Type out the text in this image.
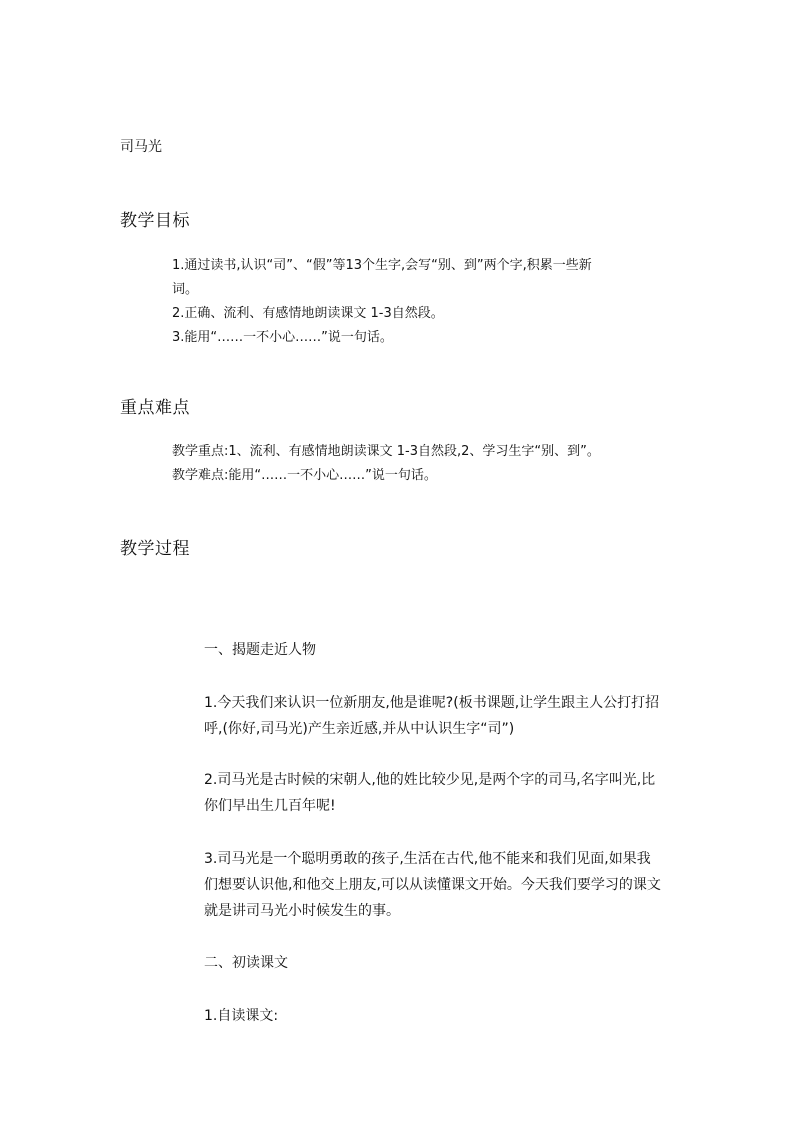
司马光
教学目标

1.通过读书,认识“司”、“假”等13个生字,会写“别、到”两个字,积累一些新

词。

2.正确、流利、有感情地朗读课文 1-3自然段。

3.能用“……一不小心……”说一句话。

重点难点

教学重点:1、流利、有感情地朗读课文 1-3自然段,2、学习生字“别、到”。

教学难点:能用“……一不小心……”说一句话。

教学过程

一、揭题走近人物

1.今天我们来认识一位新朋友,他是谁呢?(板书课题,让学生跟主人公打打招

呼,(你好,司马光)产生亲近感,并从中认识生字“司”)

2.司马光是古时候的宋朝人,他的姓比较少见,是两个字的司马,名字叫光,比

你们早出生几百年呢!

3.司马光是一个聪明勇敢的孩子,生活在古代,他不能来和我们见面,如果我

们想要认识他,和他交上朋友,可以从读懂课文开始。今天我们要学习的课文

就是讲司马光小时候发生的事。

二、初读课文

1.自读课文:
